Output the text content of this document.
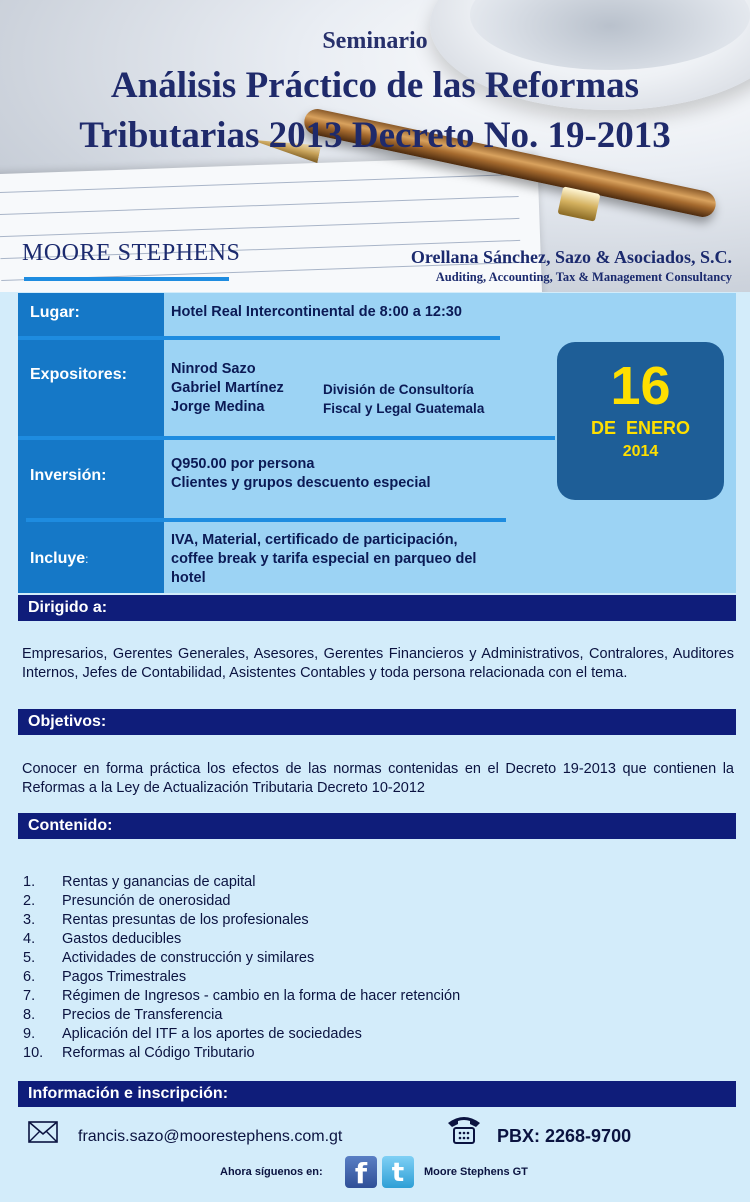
Seminario
Análisis Práctico de las Reformas
Tributarias 2013 Decreto No. 19-2013
MOORE STEPHENS	Orellana Sánchez, Sazo & Asociados, S.C.
Auditing, Accounting, Tax & Management Consultancy
Lugar:	Hotel Real Intercontinental de 8:00 a 12:30
Expositores:	Ninrod Sazo
Gabriel Martínez
Jorge Medina
División de Consultoría
Fiscal y Legal Guatemala
Inversión:
Q950.00 por persona
Clientes y grupos descuento especial
Incluye:
IVA, Material, certificado de participación,
coffee break y tarifa especial en parqueo del
hotel
16
DE  ENERO
2014
Dirigido a:
Empresarios, Gerentes Generales, Asesores, Gerentes Financieros y Administrativos, Contralores, Auditores Internos, Jefes de Contabilidad, Asistentes Contables y toda persona relacionada con el tema.
Objetivos:
Conocer en forma práctica los efectos de las normas contenidas en el Decreto 19-2013 que contienen la Reformas a la Ley de Actualización Tributaria Decreto 10-2012
Contenido:
1. Rentas y ganancias de capital
2. Presunción de onerosidad
3. Rentas presuntas de los profesionales
4. Gastos deducibles
5. Actividades de construcción y similares
6. Pagos Trimestrales
7. Régimen de Ingresos - cambio en la forma de hacer retención
8. Precios de Transferencia
9. Aplicación del ITF a los aportes de sociedades
10. Reformas al Código Tributario
Información e inscripción:
francis.sazo@moorestephens.com.gt	PBX: 2268-9700
Ahora síguenos en:	f t	Moore Stephens GT
